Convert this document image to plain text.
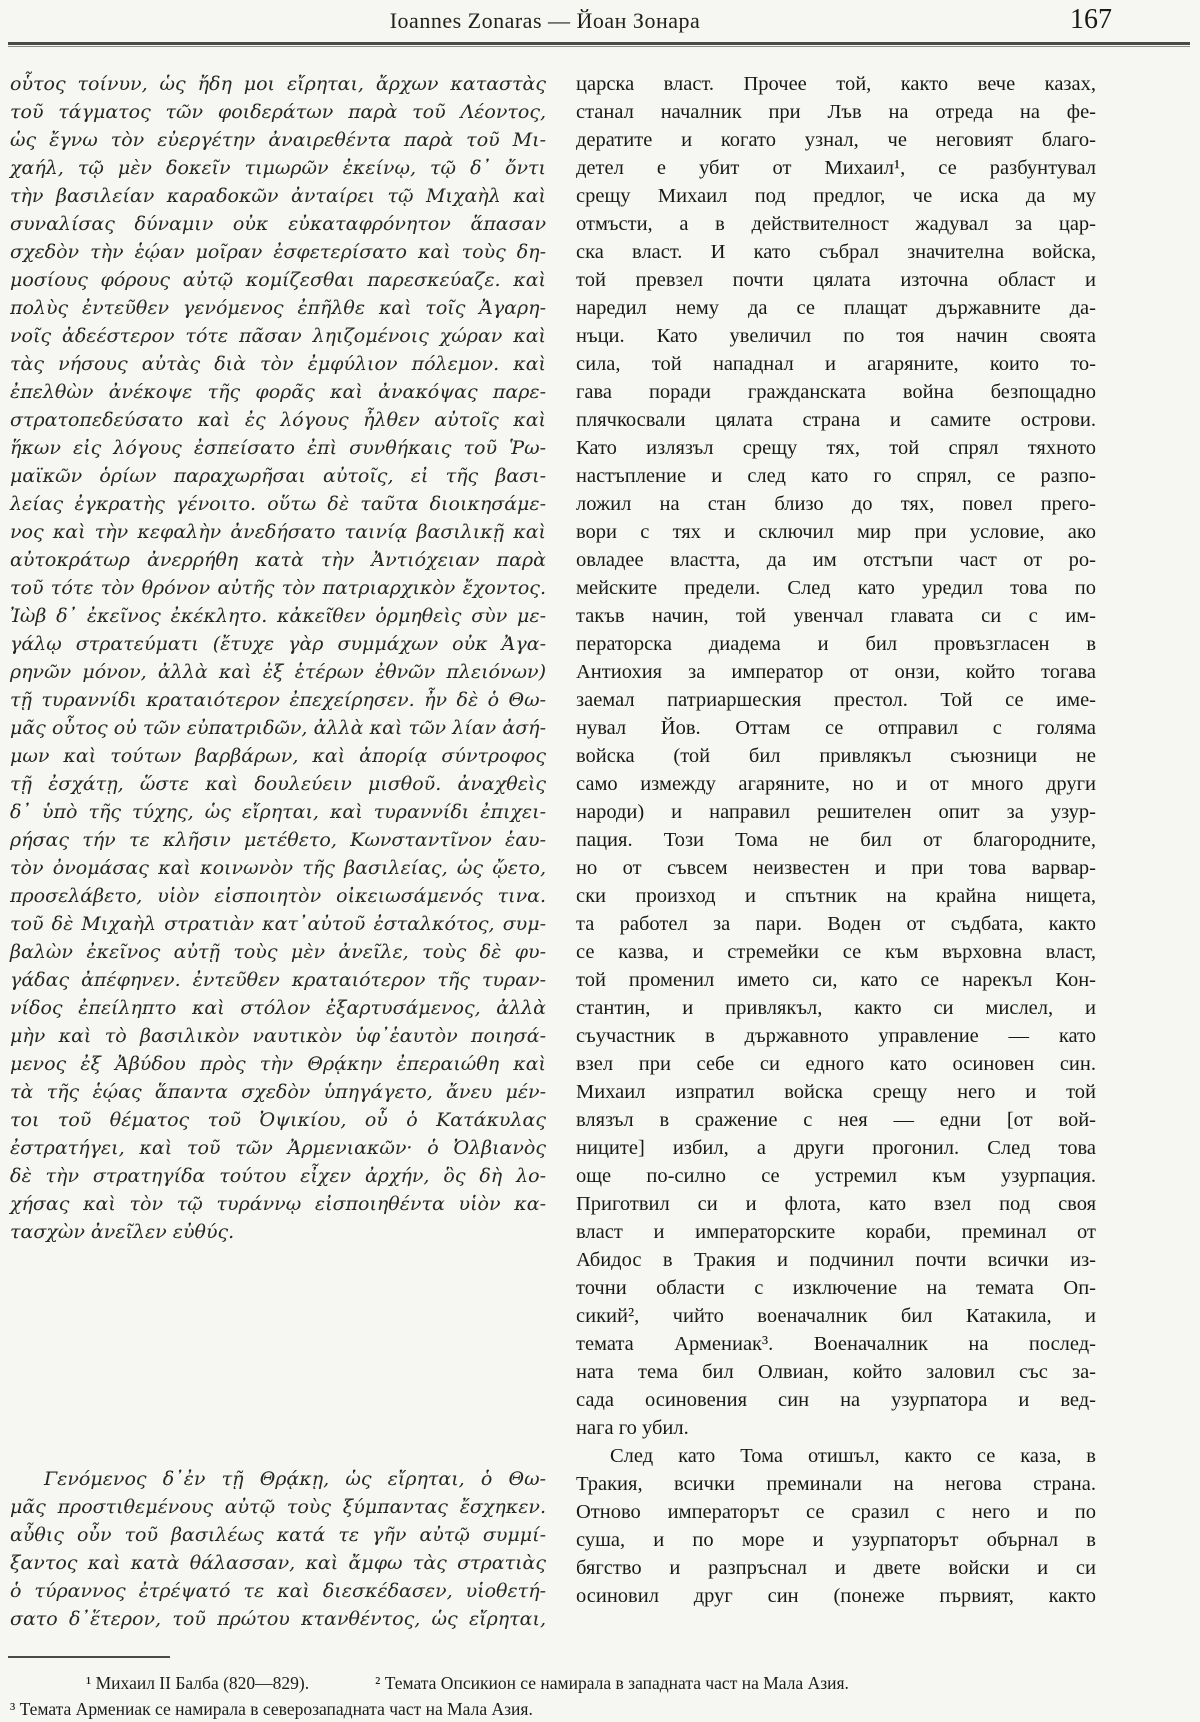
Ioannes Zonaras — Йоан Зонара	167
οὗτος τοίνυν, ὡς ἤδη μοι εἴρηται, ἄρχων καταστὰς
τοῦ τάγματος τῶν φοιδεράτων παρὰ τοῦ Λέοντος,
ὡς ἔγνω τὸν εὐεργέτην ἀναιρεθέντα παρὰ τοῦ Μι-
χαήλ, τῷ μὲν δοκεῖν τιμωρῶν ἐκείνῳ, τῷ δ᾽ ὄντι
τὴν βασιλείαν καραδοκῶν ἀνταίρει τῷ Μιχαὴλ καὶ
συναλίσας δύναμιν οὐκ εὐκαταφρόνητον ἅπασαν
σχεδὸν τὴν ἑῴαν μοῖραν ἐσφετερίσατο καὶ τοὺς δη-
μοσίους φόρους αὐτῷ κομίζεσθαι παρεσκεύαζε. καὶ
πολὺς ἐντεῦθεν γενόμενος ἐπῆλθε καὶ τοῖς Ἀγαρη-
νοῖς ἀδεέστερον τότε πᾶσαν ληιζομένοις χώραν καὶ
τὰς νήσους αὐτὰς διὰ τὸν ἐμφύλιον πόλεμον. καὶ
ἐπελθὼν ἀνέκοψε τῆς φορᾶς καὶ ἀνακόψας παρε-
στρατοπεδεύσατο καὶ ἐς λόγους ἦλθεν αὐτοῖς καὶ
ἥκων εἰς λόγους ἐσπείσατο ἐπὶ συνθήκαις τοῦ Ῥω-
μαϊκῶν ὁρίων παραχωρῆσαι αὐτοῖς, εἰ τῆς βασι-
λείας ἐγκρατὴς γένοιτο. οὕτω δὲ ταῦτα διοικησάμε-
νος καὶ τὴν κεφαλὴν ἀνεδήσατο ταινίᾳ βασιλικῇ καὶ
αὐτοκράτωρ ἀνερρήθη κατὰ τὴν Ἀντιόχειαν παρὰ
τοῦ τότε τὸν θρόνον αὐτῆς τὸν πατριαρχικὸν ἔχοντος.
Ἰὼβ δ᾽ ἐκεῖνος ἐκέκλητο. κἀκεῖθεν ὁρμηθεὶς σὺν με-
γάλῳ στρατεύματι (ἔτυχε γὰρ συμμάχων οὐκ Ἀγα-
ρηνῶν μόνον, ἀλλὰ καὶ ἐξ ἑτέρων ἐθνῶν πλειόνων)
τῇ τυραννίδι κραταιότερον ἐπεχείρησεν. ἦν δὲ ὁ Θω-
μᾶς οὗτος οὐ τῶν εὐπατριδῶν, ἀλλὰ καὶ τῶν λίαν ἀσή-
μων καὶ τούτων βαρβάρων, καὶ ἀπορίᾳ σύντροφος
τῇ ἐσχάτῃ, ὥστε καὶ δουλεύειν μισθοῦ. ἀναχθεὶς
δ᾽ ὑπὸ τῆς τύχης, ὡς εἴρηται, καὶ τυραννίδι ἐπιχει-
ρήσας τήν τε κλῆσιν μετέθετο, Κωνσταντῖνον ἑαυ-
τὸν ὀνομάσας καὶ κοινωνὸν τῆς βασιλείας, ὡς ᾤετο,
προσελάβετο, υἱὸν εἰσποιητὸν οἰκειωσάμενός τινα.
τοῦ δὲ Μιχαὴλ στρατιὰν κατ᾽αὐτοῦ ἐσταλκότος, συμ-
βαλὼν ἐκεῖνος αὐτῇ τοὺς μὲν ἀνεῖλε, τοὺς δὲ φυ-
γάδας ἀπέφηνεν. ἐντεῦθεν κραταιότερον τῆς τυραν-
νίδος ἐπείληπτο καὶ στόλον ἐξαρτυσάμενος, ἀλλὰ
μὴν καὶ τὸ βασιλικὸν ναυτικὸν ὑφ᾽ἑαυτὸν ποιησά-
μενος ἐξ Ἀβύδου πρὸς τὴν Θρᾴκην ἐπεραιώθη καὶ
τὰ τῆς ἑῴας ἅπαντα σχεδὸν ὑπηγάγετο, ἄνευ μέν-
τοι τοῦ θέματος τοῦ Ὀψικίου, οὗ ὁ Κατάκυλας
ἐστρατήγει, καὶ τοῦ τῶν Ἀρμενιακῶν· ὁ Ὀλβιανὸς
δὲ τὴν στρατηγίδα τούτου εἶχεν ἀρχήν, ὃς δὴ λο-
χήσας καὶ τὸν τῷ τυράννῳ εἰσποιηθέντα υἱὸν κα-
τασχὼν ἀνεῖλεν εὐθύς.
Γενόμενος δ᾽ἐν τῇ Θρᾴκῃ, ὡς εἴρηται, ὁ Θω-
μᾶς προστιθεμένους αὐτῷ τοὺς ξύμπαντας ἔσχηκεν.
αὖθις οὖν τοῦ βασιλέως κατά τε γῆν αὐτῷ συμμί-
ξαντος καὶ κατὰ θάλασσαν, καὶ ἄμφω τὰς στρατιὰς
ὁ τύραννος ἐτρέψατό τε καὶ διεσκέδασεν, υἱοθετή-
σατο δ᾽ἕτερον, τοῦ πρώτου κτανθέντος, ὡς εἴρηται,
царска власт. Прочее той, както вече казах,
станал началник при Лъв на отреда на фе-
дератите и когато узнал, че неговият благо-
детел е убит от Михаил¹, се разбунтувал
срещу Михаил под предлог, че иска да му
отмъсти, а в действителност жадувал за цар-
ска власт. И като събрал значителна войска,
той превзел почти цялата източна област и
наредил нему да се плащат държавните да-
нъци. Като увеличил по тоя начин своята
сила, той нападнал и агаряните, които то-
гава поради гражданската война безпощадно
плячкосвали цялата страна и самите острови.
Като излязъл срещу тях, той спрял тяхното
настъпление и след като го спрял, се разпо-
ложил на стан близо до тях, повел прего-
вори с тях и сключил мир при условие, ако
овладее властта, да им отстъпи част от ро-
мейските предели. След като уредил това по
такъв начин, той увенчал главата си с им-
ператорска диадема и бил провъзгласен в
Антиохия за император от онзи, който тогава
заемал патриаршеския престол. Той се име-
нувал Йов. Оттам се отправил с голяма
войска (той бил привлякъл съюзници не
само измежду агаряните, но и от много други
народи) и направил решителен опит за узур-
пация. Този Тома не бил от благородните,
но от съвсем неизвестен и при това варвар-
ски произход и спътник на крайна нищета,
та работел за пари. Воден от съдбата, както
се казва, и стремейки се към върховна власт,
той променил името си, като се нарекъл Кон-
стантин, и привлякъл, както си мислел, и
съучастник в държавното управление — като
взел при себе си едного като осиновен син.
Михаил изпратил войска срещу него и той
влязъл в сражение с нея — едни [от вой-
ниците] избил, а други прогонил. След това
още по-силно се устремил към узурпация.
Приготвил си и флота, като взел под своя
власт и императорските кораби, преминал от
Абидос в Тракия и подчинил почти всички из-
точни области с изключение на темата Оп-
сикий², чийто военачалник бил Катакила, и
темата Армениак³. Военачалник на послед-
ната тема бил Олвиан, който заловил със за-
сада осиновения син на узурпатора и вед-
нага го убил.
След като Тома отишъл, както се каза, в
Тракия, всички преминали на негова страна.
Отново императорът се сразил с него и по
суша, и по море и узурпаторът обърнал в
бягство и разпръснал и двете войски и си
осиновил друг син (понеже първият, както
¹ Михаил II Балба (820—829).	² Темата Опсикион се намирала в западната част на Мала Азия.
³ Темата Армениак се намирала в северозападната част на Мала Азия.
